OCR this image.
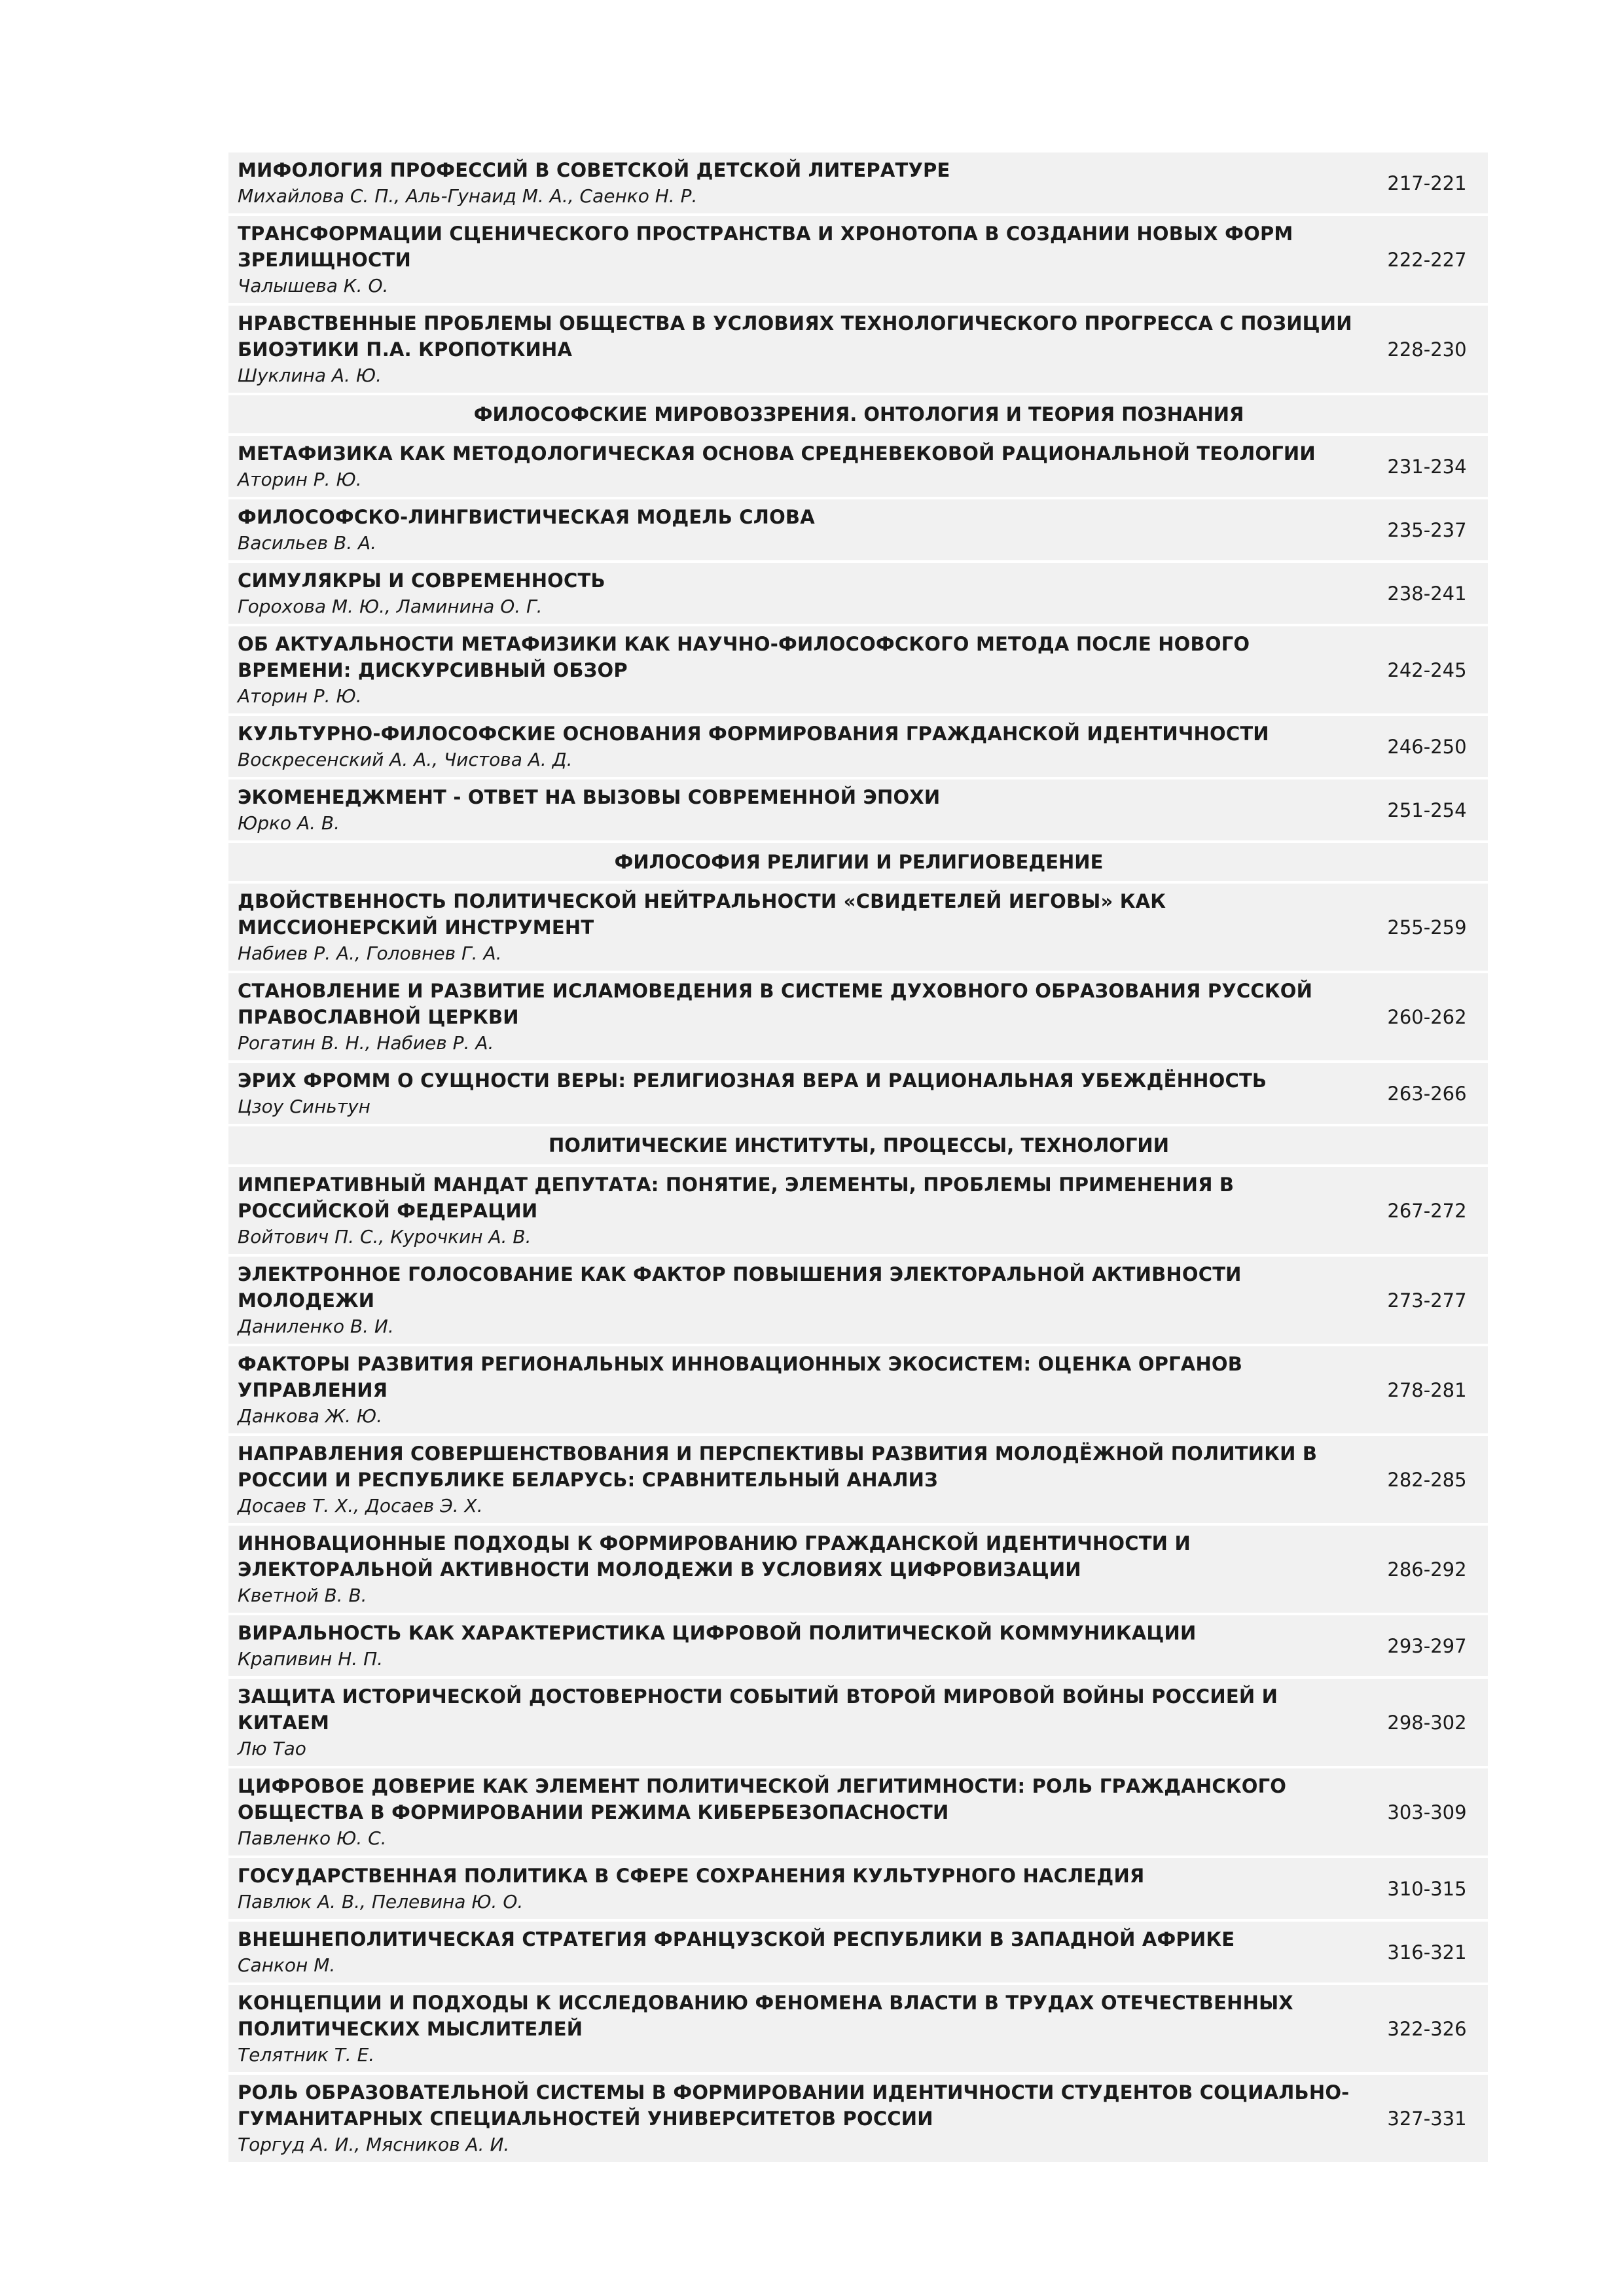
МИФОЛОГИЯ ПРОФЕССИЙ В СОВЕТСКОЙ ДЕТСКОЙ ЛИТЕРАТУРЕ
Михайлова С. П., Аль-Гунаид М. А., Саенко Н. Р.
217-221
ТРАНСФОРМАЦИИ СЦЕНИЧЕСКОГО ПРОСТРАНСТВА И ХРОНОТОПА В СОЗДАНИИ НОВЫХ ФОРМ ЗРЕЛИЩНОСТИ
Чалышева К. О.
222-227
НРАВСТВЕННЫЕ ПРОБЛЕМЫ ОБЩЕСТВА В УСЛОВИЯХ ТЕХНОЛОГИЧЕСКОГО ПРОГРЕССА С ПОЗИЦИИ БИОЭТИКИ П.А. КРОПОТКИНА
Шуклина А. Ю.
228-230
ФИЛОСОФСКИЕ МИРОВОЗЗРЕНИЯ. ОНТОЛОГИЯ И ТЕОРИЯ ПОЗНАНИЯ
МЕТАФИЗИКА КАК МЕТОДОЛОГИЧЕСКАЯ ОСНОВА СРЕДНЕВЕКОВОЙ РАЦИОНАЛЬНОЙ ТЕОЛОГИИ
Аторин Р. Ю.
231-234
ФИЛОСОФСКО-ЛИНГВИСТИЧЕСКАЯ МОДЕЛЬ СЛОВА
Васильев В. А.
235-237
СИМУЛЯКРЫ И СОВРЕМЕННОСТЬ
Горохова М. Ю., Ламинина О. Г.
238-241
ОБ АКТУАЛЬНОСТИ МЕТАФИЗИКИ КАК НАУЧНО-ФИЛОСОФСКОГО МЕТОДА ПОСЛЕ НОВОГО ВРЕМЕНИ: ДИСКУРСИВНЫЙ ОБЗОР
Аторин Р. Ю.
242-245
КУЛЬТУРНО-ФИЛОСОФСКИЕ ОСНОВАНИЯ ФОРМИРОВАНИЯ ГРАЖДАНСКОЙ ИДЕНТИЧНОСТИ
Воскресенский А. А., Чистова А. Д.
246-250
ЭКОМЕНЕДЖМЕНТ - ОТВЕТ НА ВЫЗОВЫ СОВРЕМЕННОЙ ЭПОХИ
Юрко А. В.
251-254
ФИЛОСОФИЯ РЕЛИГИИ И РЕЛИГИОВЕДЕНИЕ
ДВОЙСТВЕННОСТЬ ПОЛИТИЧЕСКОЙ НЕЙТРАЛЬНОСТИ «СВИДЕТЕЛЕЙ ИЕГОВЫ» КАК МИССИОНЕРСКИЙ ИНСТРУМЕНТ
Набиев Р. А., Головнев Г. А.
255-259
СТАНОВЛЕНИЕ И РАЗВИТИЕ ИСЛАМОВЕДЕНИЯ В СИСТЕМЕ ДУХОВНОГО ОБРАЗОВАНИЯ РУССКОЙ ПРАВОСЛАВНОЙ ЦЕРКВИ
Рогатин В. Н., Набиев Р. А.
260-262
ЭРИХ ФРОММ О СУЩНОСТИ ВЕРЫ: РЕЛИГИОЗНАЯ ВЕРА И РАЦИОНАЛЬНАЯ УБЕЖДЁННОСТЬ
Цзоу Синьтун
263-266
ПОЛИТИЧЕСКИЕ ИНСТИТУТЫ, ПРОЦЕССЫ, ТЕХНОЛОГИИ
ИМПЕРАТИВНЫЙ МАНДАТ ДЕПУТАТА: ПОНЯТИЕ, ЭЛЕМЕНТЫ, ПРОБЛЕМЫ ПРИМЕНЕНИЯ В РОССИЙСКОЙ ФЕДЕРАЦИИ
Войтович П. С., Курочкин А. В.
267-272
ЭЛЕКТРОННОЕ ГОЛОСОВАНИЕ КАК ФАКТОР ПОВЫШЕНИЯ ЭЛЕКТОРАЛЬНОЙ АКТИВНОСТИ МОЛОДЕЖИ
Даниленко В. И.
273-277
ФАКТОРЫ РАЗВИТИЯ РЕГИОНАЛЬНЫХ ИННОВАЦИОННЫХ ЭКОСИСТЕМ: ОЦЕНКА ОРГАНОВ УПРАВЛЕНИЯ
Данкова Ж. Ю.
278-281
НАПРАВЛЕНИЯ СОВЕРШЕНСТВОВАНИЯ И ПЕРСПЕКТИВЫ РАЗВИТИЯ МОЛОДЁЖНОЙ ПОЛИТИКИ В РОССИИ И РЕСПУБЛИКЕ БЕЛАРУСЬ: СРАВНИТЕЛЬНЫЙ АНАЛИЗ
Досаев Т. Х., Досаев Э. Х.
282-285
ИННОВАЦИОННЫЕ ПОДХОДЫ К ФОРМИРОВАНИЮ ГРАЖДАНСКОЙ ИДЕНТИЧНОСТИ И ЭЛЕКТОРАЛЬНОЙ АКТИВНОСТИ МОЛОДЕЖИ В УСЛОВИЯХ ЦИФРОВИЗАЦИИ
Кветной В. В.
286-292
ВИРАЛЬНОСТЬ КАК ХАРАКТЕРИСТИКА ЦИФРОВОЙ ПОЛИТИЧЕСКОЙ КОММУНИКАЦИИ
Крапивин Н. П.
293-297
ЗАЩИТА ИСТОРИЧЕСКОЙ ДОСТОВЕРНОСТИ СОБЫТИЙ ВТОРОЙ МИРОВОЙ ВОЙНЫ РОССИЕЙ И КИТАЕМ
Лю Тао
298-302
ЦИФРОВОЕ ДОВЕРИЕ КАК ЭЛЕМЕНТ ПОЛИТИЧЕСКОЙ ЛЕГИТИМНОСТИ: РОЛЬ ГРАЖДАНСКОГО ОБЩЕСТВА В ФОРМИРОВАНИИ РЕЖИМА КИБЕРБЕЗОПАСНОСТИ
Павленко Ю. С.
303-309
ГОСУДАРСТВЕННАЯ ПОЛИТИКА В СФЕРЕ СОХРАНЕНИЯ КУЛЬТУРНОГО НАСЛЕДИЯ
Павлюк А. В., Пелевина Ю. О.
310-315
ВНЕШНЕПОЛИТИЧЕСКАЯ СТРАТЕГИЯ ФРАНЦУЗСКОЙ РЕСПУБЛИКИ В ЗАПАДНОЙ АФРИКЕ
Санкон М.
316-321
КОНЦЕПЦИИ И ПОДХОДЫ К ИССЛЕДОВАНИЮ ФЕНОМЕНА ВЛАСТИ В ТРУДАХ ОТЕЧЕСТВЕННЫХ ПОЛИТИЧЕСКИХ МЫСЛИТЕЛЕЙ
Телятник Т. Е.
322-326
РОЛЬ ОБРАЗОВАТЕЛЬНОЙ СИСТЕМЫ В ФОРМИРОВАНИИ ИДЕНТИЧНОСТИ СТУДЕНТОВ СОЦИАЛЬНО-ГУМАНИТАРНЫХ СПЕЦИАЛЬНОСТЕЙ УНИВЕРСИТЕТОВ РОССИИ
Торгуд А. И., Мясников А. И.
327-331
